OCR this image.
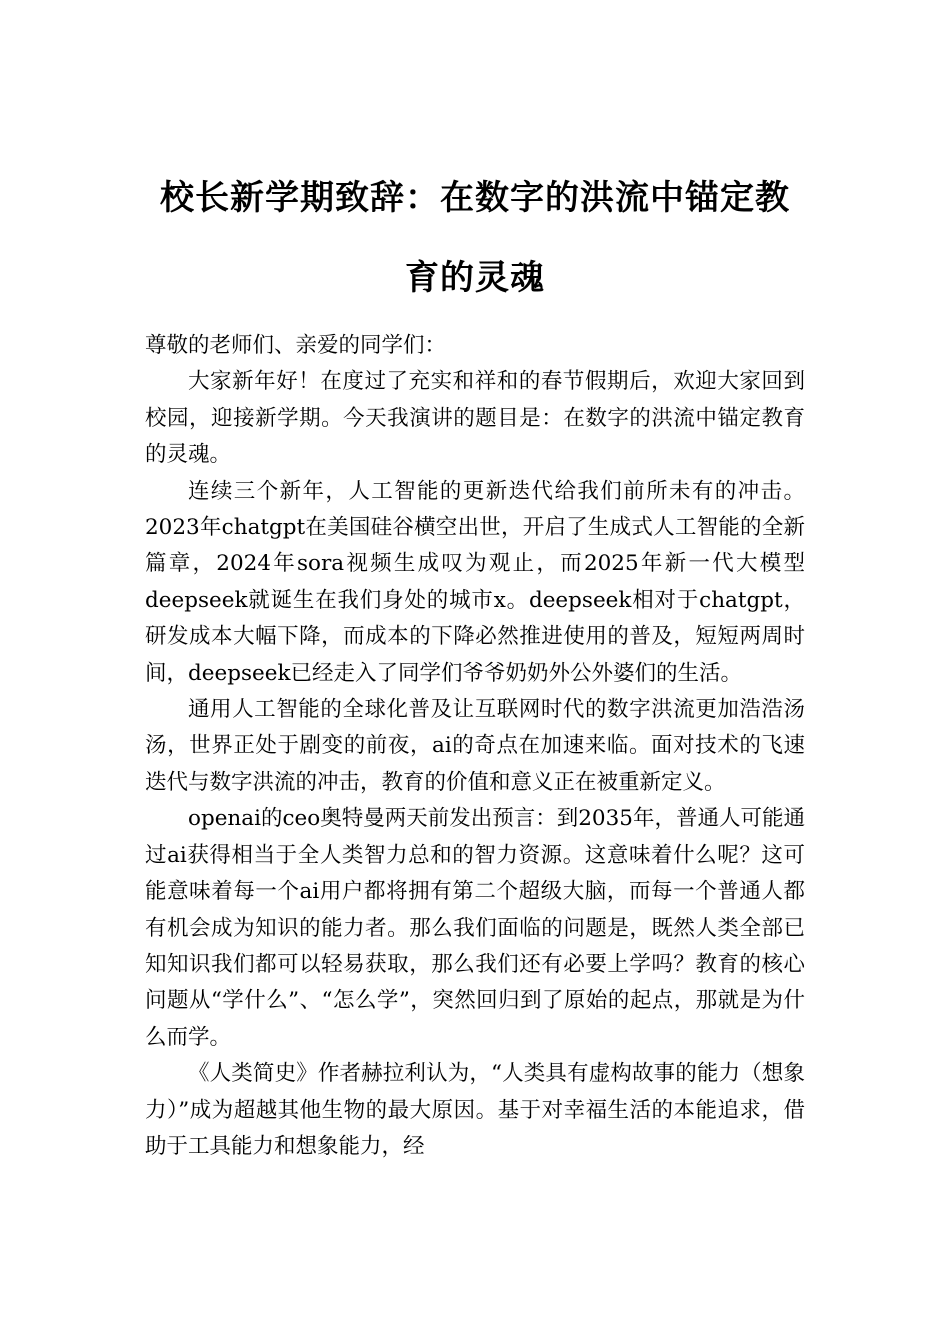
校长新学期致辞：在数字的洪流中锚定教育的灵魂

尊敬的老师们、亲爱的同学们：

大家新年好！在度过了充实和祥和的春节假期后，欢迎大家回到校园，迎接新学期。今天我演讲的题目是：在数字的洪流中锚定教育的灵魂。

连续三个新年，人工智能的更新迭代给我们前所未有的冲击。2023年chatgpt在美国硅谷横空出世，开启了生成式人工智能的全新篇章，2024年sora视频生成叹为观止，而2025年新一代大模型deepseek就诞生在我们身处的城市x。deepseek相对于chatgpt，研发成本大幅下降，而成本的下降必然推进使用的普及，短短两周时间，deepseek已经走入了同学们爷爷奶奶外公外婆们的生活。

通用人工智能的全球化普及让互联网时代的数字洪流更加浩浩汤汤，世界正处于剧变的前夜，ai的奇点在加速来临。面对技术的飞速迭代与数字洪流的冲击，教育的价值和意义正在被重新定义。

openai的ceo奥特曼两天前发出预言：到2035年，普通人可能通过ai获得相当于全人类智力总和的智力资源。这意味着什么呢？这可能意味着每一个ai用户都将拥有第二个超级大脑，而每一个普通人都有机会成为知识的能力者。那么我们面临的问题是，既然人类全部已知知识我们都可以轻易获取，那么我们还有必要上学吗？教育的核心问题从“学什么”、“怎么学”，突然回归到了原始的起点，那就是为什么而学。

《人类简史》作者赫拉利认为，“人类具有虚构故事的能力（想象力）”成为超越其他生物的最大原因。基于对幸福生活的本能追求，借助于工具能力和想象能力，经
